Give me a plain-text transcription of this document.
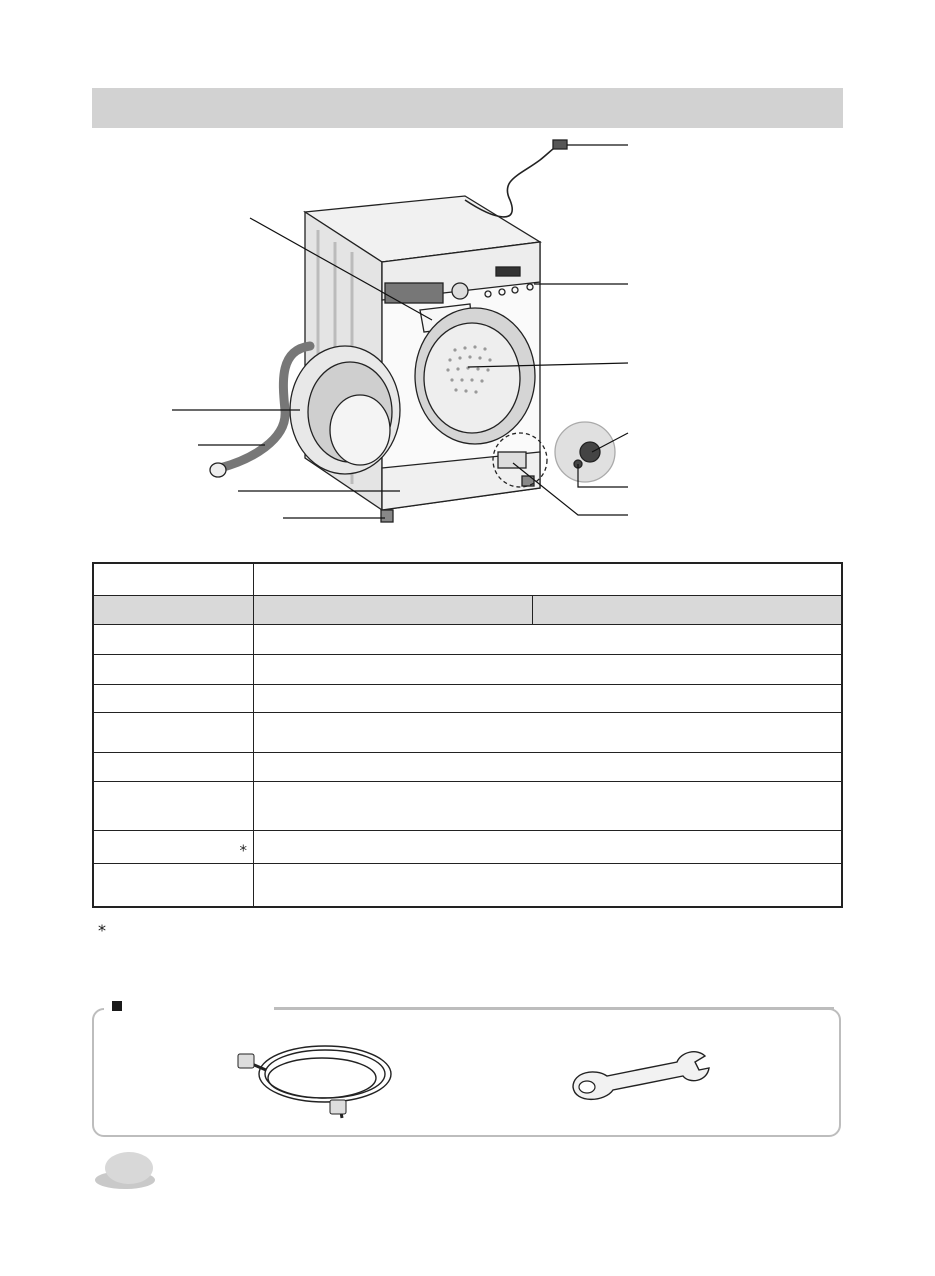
⁎		

⁎
